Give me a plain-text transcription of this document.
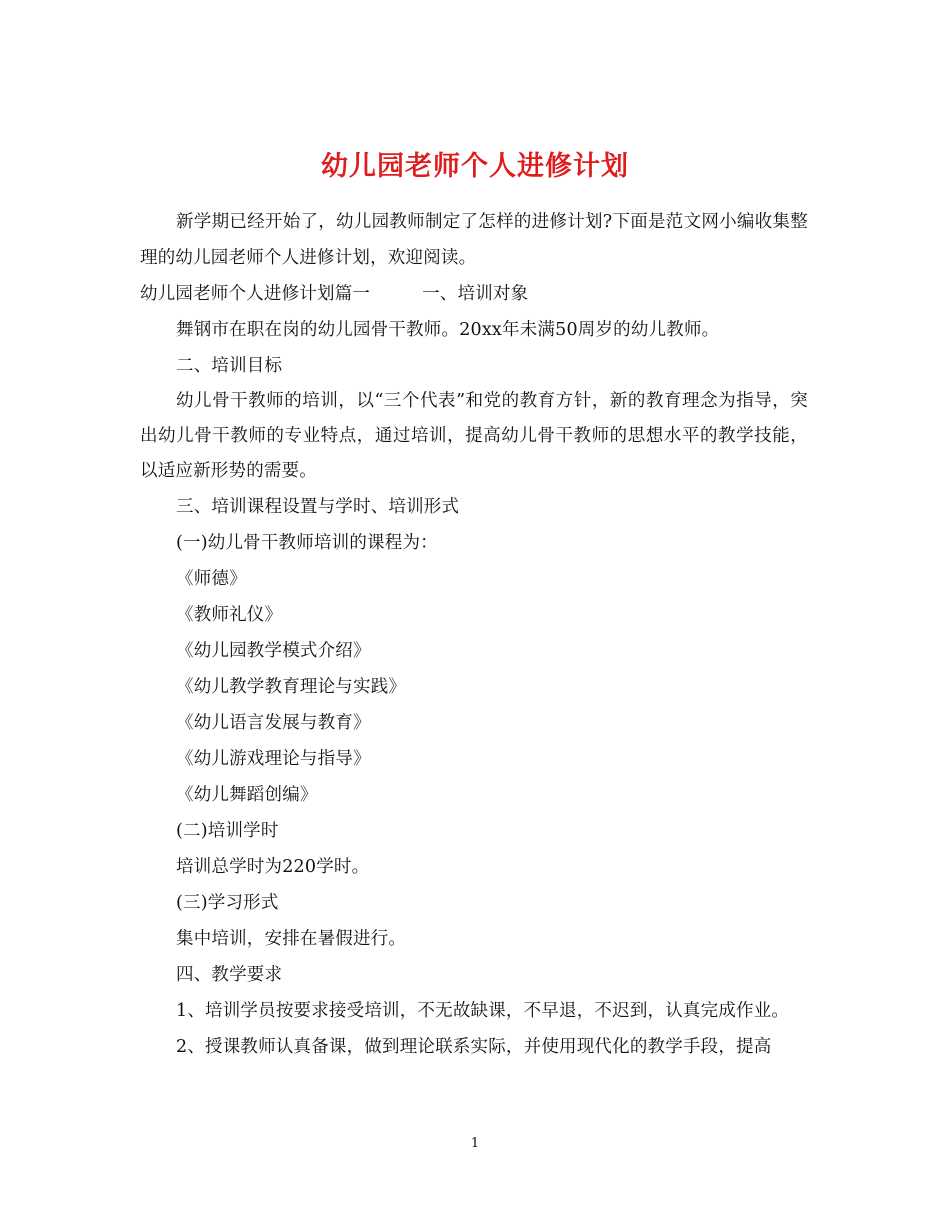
幼儿园老师个人进修计划

新学期已经开始了，幼儿园教师制定了怎样的进修计划?下面是范文网小编收集整理的幼儿园老师个人进修计划，欢迎阅读。

幼儿园老师个人进修计划篇一	一、培训对象

舞钢市在职在岗的幼儿园骨干教师。20xx年未满50周岁的幼儿教师。

二、培训目标

幼儿骨干教师的培训，以“三个代表”和党的教育方针，新的教育理念为指导，突出幼儿骨干教师的专业特点，通过培训，提高幼儿骨干教师的思想水平的教学技能，以适应新形势的需要。

三、培训课程设置与学时、培训形式

(一)幼儿骨干教师培训的课程为：

《师德》

《教师礼仪》

《幼儿园教学模式介绍》

《幼儿教学教育理论与实践》

《幼儿语言发展与教育》

《幼儿游戏理论与指导》

《幼儿舞蹈创编》

(二)培训学时

培训总学时为220学时。

(三)学习形式

集中培训，安排在暑假进行。

四、教学要求

1、培训学员按要求接受培训，不无故缺课，不早退，不迟到，认真完成作业。

2、授课教师认真备课，做到理论联系实际，并使用现代化的教学手段，提高

1
